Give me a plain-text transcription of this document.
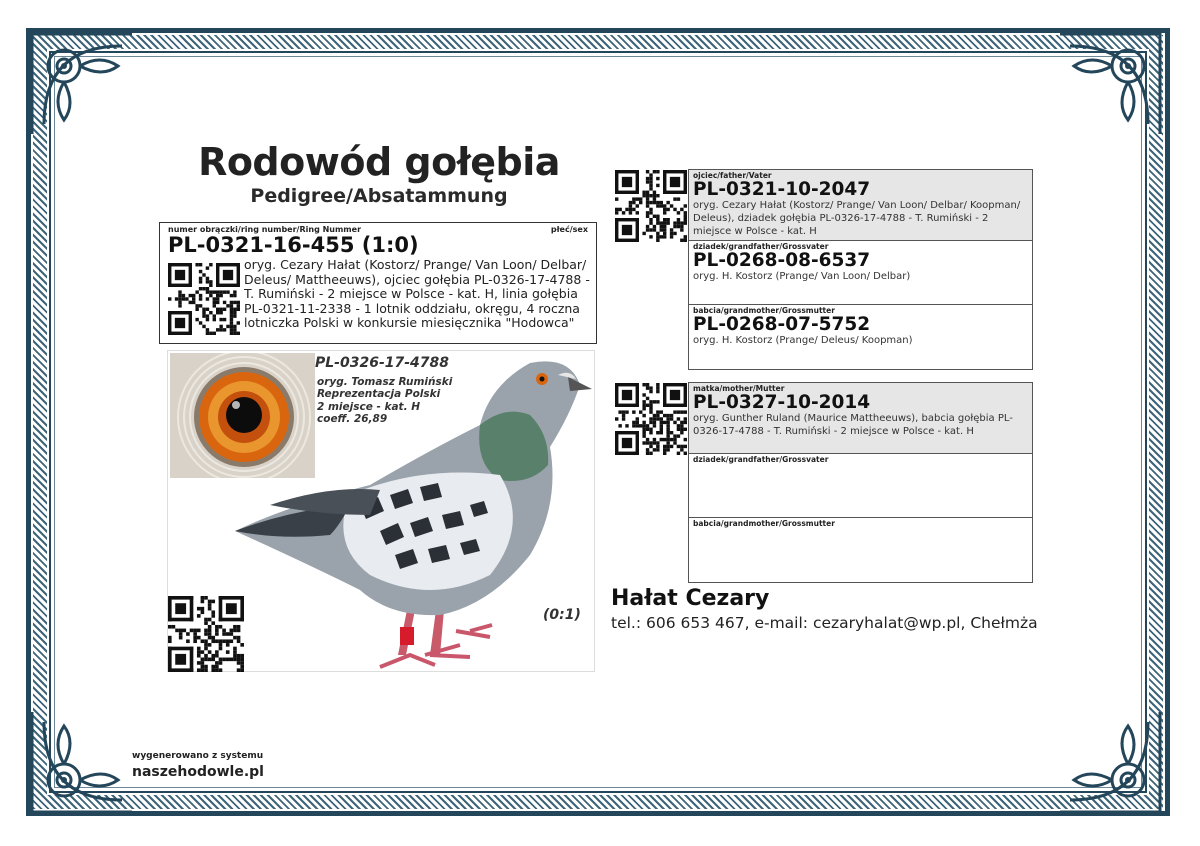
Rodowód gołębia
Pedigree/Absatammung
numer obrączki/ring number/Ring Nummer	płeć/sex
PL-0321-16-455 (1:0)
oryg. Cezary Hałat (Kostorz/ Prange/ Van Loon/ Delbar/ Deleus/ Mattheeuws), ojciec gołębia PL-0326-17-4788 - T. Rumiński - 2 miejsce w Polsce - kat. H, linia gołębia PL-0321-11-2338 - 1 lotnik oddziału, okręgu, 4 roczna lotniczka Polski w konkursie miesięcznika "Hodowca"
PL-0326-17-4788
oryg. Tomasz Rumiński
Reprezentacja Polski
2 miejsce - kat. H
coeff. 26,89
(0:1)
ojciec/father/Vater
PL-0321-10-2047
oryg. Cezary Hałat (Kostorz/ Prange/ Van Loon/ Delbar/ Koopman/ Deleus), dziadek gołębia PL-0326-17-4788 - T. Rumiński - 2 miejsce w Polsce - kat. H
dziadek/grandfather/Grossvater
PL-0268-08-6537
oryg. H. Kostorz (Prange/ Van Loon/ Delbar)
babcia/grandmother/Grossmutter
PL-0268-07-5752
oryg. H. Kostorz (Prange/ Deleus/ Koopman)
matka/mother/Mutter
PL-0327-10-2014
oryg. Gunther Ruland (Maurice Mattheeuws), babcia gołębia PL-0326-17-4788 - T. Rumiński - 2 miejsce w Polsce - kat. H
dziadek/grandfather/Grossvater
babcia/grandmother/Grossmutter
Hałat Cezary
tel.: 606 653 467, e-mail: cezaryhalat@wp.pl, Chełmża
wygenerowano z systemu
naszehodowle.pl
